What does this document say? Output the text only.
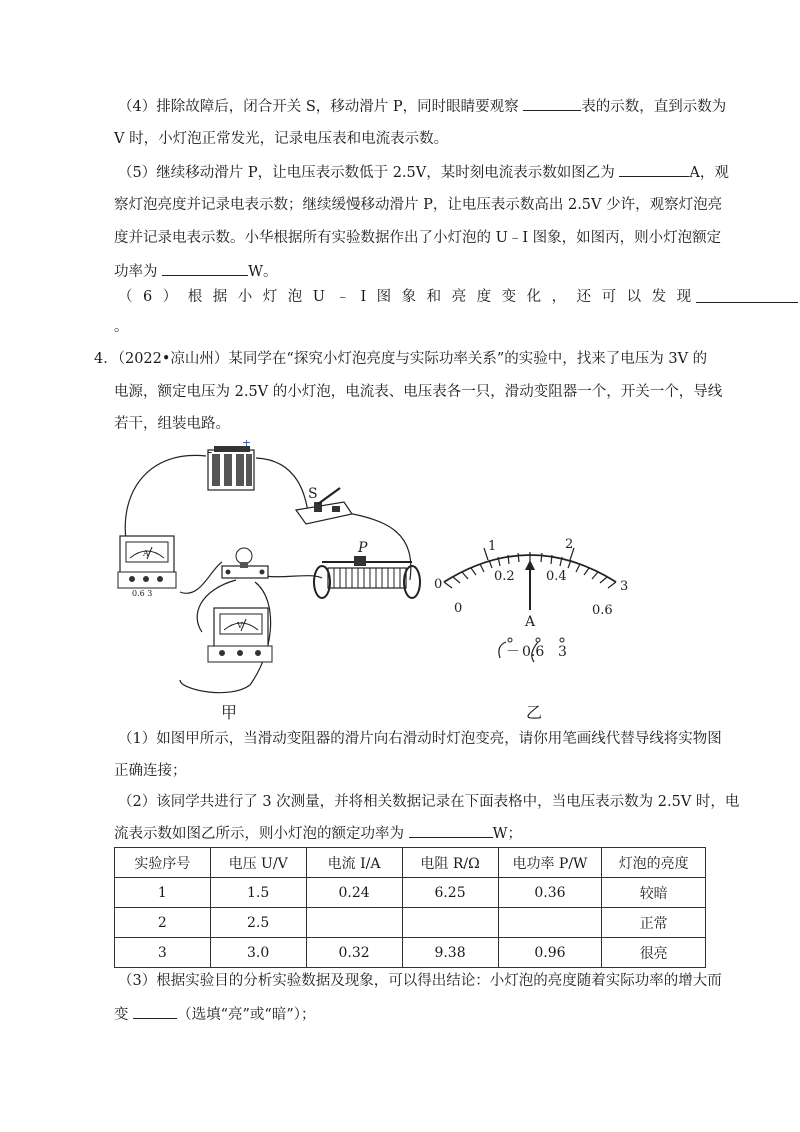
（4）排除故障后，闭合开关 S，移动滑片 P，同时眼睛要观察	表的示数，直到示数为
V 时，小灯泡正常发光，记录电压表和电流表示数。
（5）继续移动滑片 P，让电压表示数低于 2.5V，某时刻电流表示数如图乙为	A，观
察灯泡亮度并记录电表示数；继续缓慢移动滑片 P，让电压表示数高出 2.5V 少许，观察灯泡亮
度并记录电表示数。小华根据所有实验数据作出了小灯泡的 U﹣I 图象，如图丙，则小灯泡额定
功率为	W。
（6）根据小灯泡U﹣I图象和亮度变化，还可以发现
。
4．（2022•凉山州）某同学在“探究小灯泡亮度与实际功率关系”的实验中，找来了电压为 3V 的
电源，额定电压为 2.5V 的小灯泡，电流表、电压表各一只，滑动变阻器一个，开关一个，导线
若干，组装电路。
-
+
S
A
0.6 3
V
P
甲
0
1	2
3
0
0.2 0.4
0.6
A
－ 0.6 3
乙
（1）如图甲所示，当滑动变阻器的滑片向右滑动时灯泡变亮，请你用笔画线代替导线将实物图
正确连接；
（2）该同学共进行了 3 次测量，并将相关数据记录在下面表格中，当电压表示数为 2.5V 时，电
流表示数如图乙所示，则小灯泡的额定功率为	W；
实验序号	电压 U/V	电流 I/A	电阻 R/Ω	电功率 P/W	灯泡的亮度
1	1.5	0.24	6.25	0.36	较暗
2	2.5				正常
3	3.0	0.32	9.38	0.96	很亮
（3）根据实验目的分析实验数据及现象，可以得出结论：小灯泡的亮度随着实际功率的增大而
变	（选填“亮”或“暗”）；
